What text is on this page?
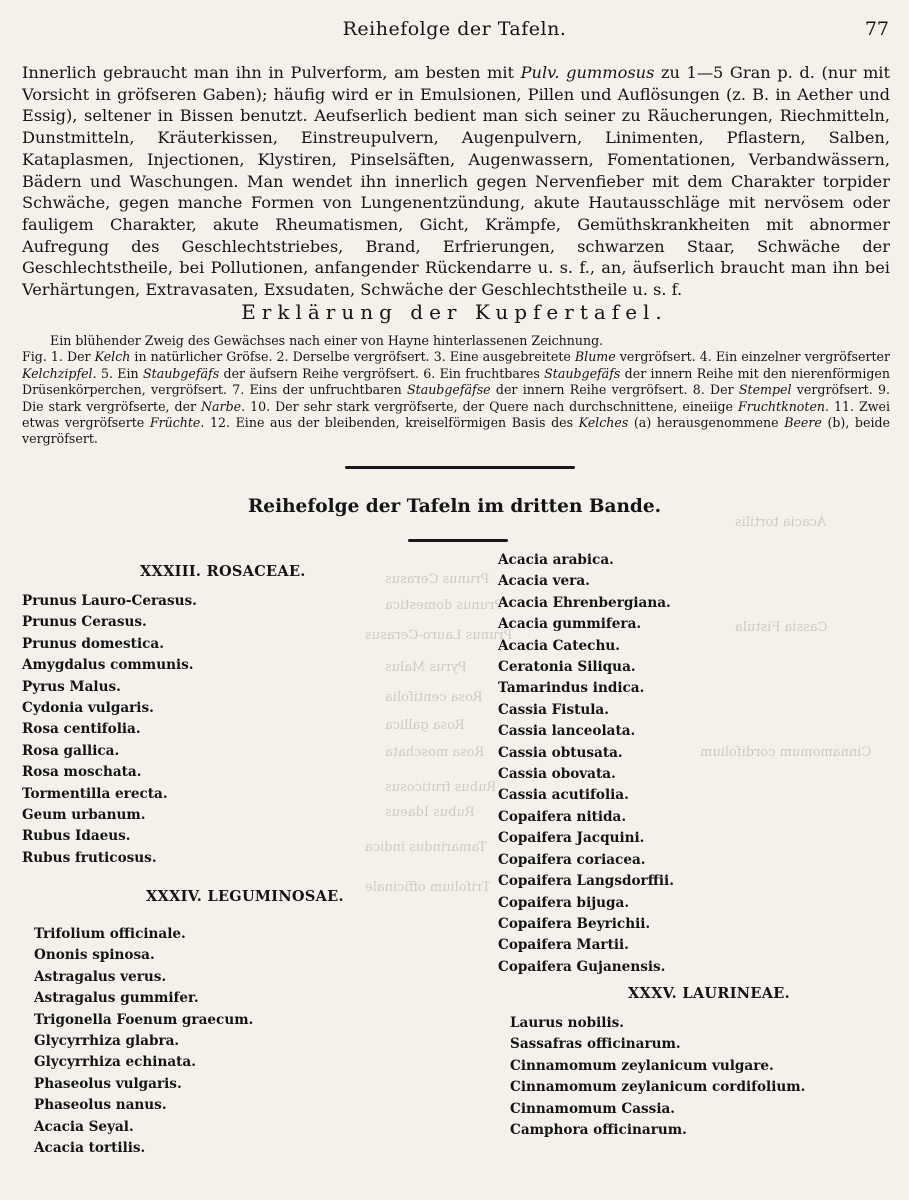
Reihefolge der Tafeln.	77
Innerlich gebraucht man ihn in Pulverform, am besten mit Pulv. gummosus zu 1—5 Gran p. d. (nur mit Vorsicht in gröfseren Gaben); häufig wird er in Emulsionen, Pillen und Auflösungen (z. B. in Aether und Essig), seltener in Bissen benutzt. Aeufserlich bedient man sich seiner zu Räucherungen, Riechmitteln, Dunstmitteln, Kräuterkissen, Einstreupulvern, Augenpulvern, Linimenten, Pflastern, Salben, Kataplasmen, Injectionen, Klystiren, Pinselsäften, Augenwassern, Fomentationen, Verbandwässern, Bädern und Waschungen. Man wendet ihn innerlich gegen Nervenfieber mit dem Charakter torpider Schwäche, gegen manche Formen von Lungenentzündung, akute Hautausschläge mit nervösem oder fauligem Charakter, akute Rheumatismen, Gicht, Krämpfe, Gemüthskrankheiten mit abnormer Aufregung des Geschlechtstriebes, Brand, Erfrierungen, schwarzen Staar, Schwäche der Geschlechtstheile, bei Pollutionen, anfangender Rückendarre u. s. f., an, äufserlich braucht man ihn bei Verhärtungen, Extravasaten, Exsudaten, Schwäche der Geschlechtstheile u. s. f.
Erklärung der Kupfertafel.
Ein blühender Zweig des Gewächses nach einer von Hayne hinterlassenen Zeichnung.
Fig. 1. Der Kelch in natürlicher Gröfse. 2. Derselbe vergröfsert. 3. Eine ausgebreitete Blume vergröfsert. 4. Ein einzelner vergröfserter Kelchzipfel. 5. Ein Staubgefäfs der äufsern Reihe vergröfsert. 6. Ein fruchtbares Staubgefäfs der innern Reihe mit den nierenförmigen Drüsenkörperchen, vergröfsert. 7. Eins der unfruchtbaren Staubgefäfse der innern Reihe vergröfsert. 8. Der Stempel vergröfsert. 9. Die stark vergröfserte, der Narbe. 10. Der sehr stark vergröfserte, der Quere nach durchschnittene, eineiige Fruchtknoten. 11. Zwei etwas vergröfserte Früchte. 12. Eine aus der bleibenden, kreiselförmigen Basis des Kelches (a) herausgenommene Beere (b), beide vergröfsert.
Reihefolge der Tafeln im dritten Bande.
Prunus Cerasus
Prunus domestica
Prunus Lauro-Cerasus
Pyrus Malus
Rosa centifolia
Rosa gallica
Rosa moschata
Rubus fruticosus
Rubus Idaeus
Tamarindus indica
Trifolium officinale
Acacia tortilis
Cassia Fistula
Cinnamomum cordifolium
XXXIII. ROSACEAE.
XXXIV. LEGUMINOSAE.
XXXV. LAURINEAE.
Prunus Lauro-Cerasus.
Prunus Cerasus.
Prunus domestica.
Amygdalus communis.
Pyrus Malus.
Cydonia vulgaris.
Rosa centifolia.
Rosa gallica.
Rosa moschata.
Tormentilla erecta.
Geum urbanum.
Rubus Idaeus.
Rubus fruticosus.
Trifolium officinale.
Ononis spinosa.
Astragalus verus.
Astragalus gummifer.
Trigonella Foenum graecum.
Glycyrrhiza glabra.
Glycyrrhiza echinata.
Phaseolus vulgaris.
Phaseolus nanus.
Acacia Seyal.
Acacia tortilis.
Acacia arabica.
Acacia vera.
Acacia Ehrenbergiana.
Acacia gummifera.
Acacia Catechu.
Ceratonia Siliqua.
Tamarindus indica.
Cassia Fistula.
Cassia lanceolata.
Cassia obtusata.
Cassia obovata.
Cassia acutifolia.
Copaifera nitida.
Copaifera Jacquini.
Copaifera coriacea.
Copaifera Langsdorffii.
Copaifera bijuga.
Copaifera Beyrichii.
Copaifera Martii.
Copaifera Gujanensis.
Laurus nobilis.
Sassafras officinarum.
Cinnamomum zeylanicum vulgare.
Cinnamomum zeylanicum cordifolium.
Cinnamomum Cassia.
Camphora officinarum.
